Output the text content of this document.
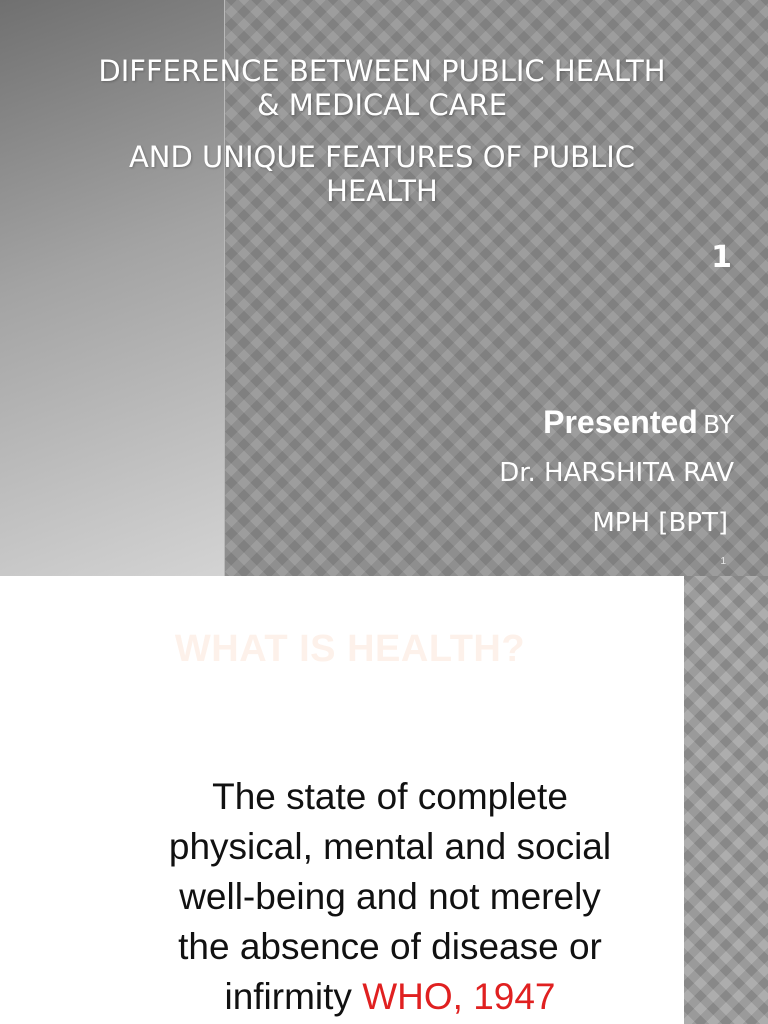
DIFFERENCE BETWEEN PUBLIC HEALTH
& MEDICAL CARE
AND UNIQUE FEATURES OF PUBLIC
HEALTH
1
Presented BY
Dr. HARSHITA RAV
MPH [BPT]
1
WHAT IS HEALTH?
The state of complete
physical, mental and social
well-being and not merely
the absence of disease or
infirmity WHO, 1947
